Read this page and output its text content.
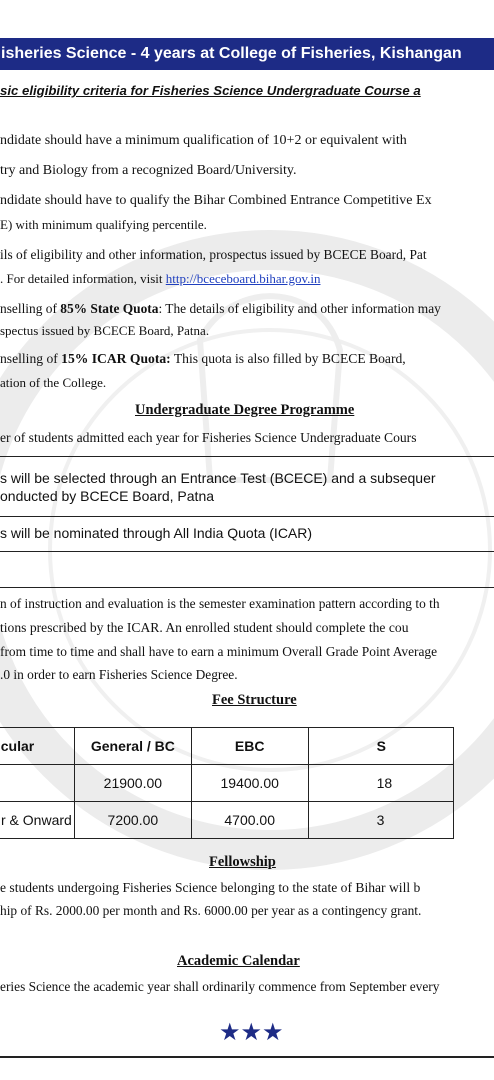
isheries Science - 4 years at College of Fisheries, Kishangan
sic eligibility criteria for Fisheries Science Undergraduate Course a
ndidate should have a minimum qualification of 10+2 or equivalent with
try and Biology from a recognized Board/University.
ndidate should have to qualify the Bihar Combined Entrance Competitive Ex
E) with minimum qualifying percentile.
ils of eligibility and other information, prospectus issued by BCECE Board, Pat
. For detailed information, visit http://bceceboard.bihar.gov.in
nselling of 85% State Quota: The details of eligibility and other information may
spectus issued by BCECE Board, Patna.
nselling of 15% ICAR Quota: This quota is also filled by BCECE Board,
ation of the College.
Undergraduate Degree Programme
er of students admitted each year for Fisheries Science Undergraduate Cours
s will be selected through an Entrance Test (BCECE) and a subsequer
onducted by BCECE Board, Patna
s will be nominated through All India Quota (ICAR)
n of instruction and evaluation is the semester examination pattern according to th
tions prescribed by the ICAR. An enrolled student should complete the cou
from time to time and shall have to earn a minimum Overall Grade Point Average
.0 in order to earn Fisheries Science Degree.
Fee Structure
cular	General / BC	EBC	S
	21900.00	19400.00	18
r & Onward	7200.00	4700.00	3
Fellowship
e students undergoing Fisheries Science belonging to the state of Bihar will b
hip of Rs. 2000.00 per month and Rs. 6000.00 per year as a contingency grant.
Academic Calendar
eries Science the academic year shall ordinarily commence from September every
★★★
